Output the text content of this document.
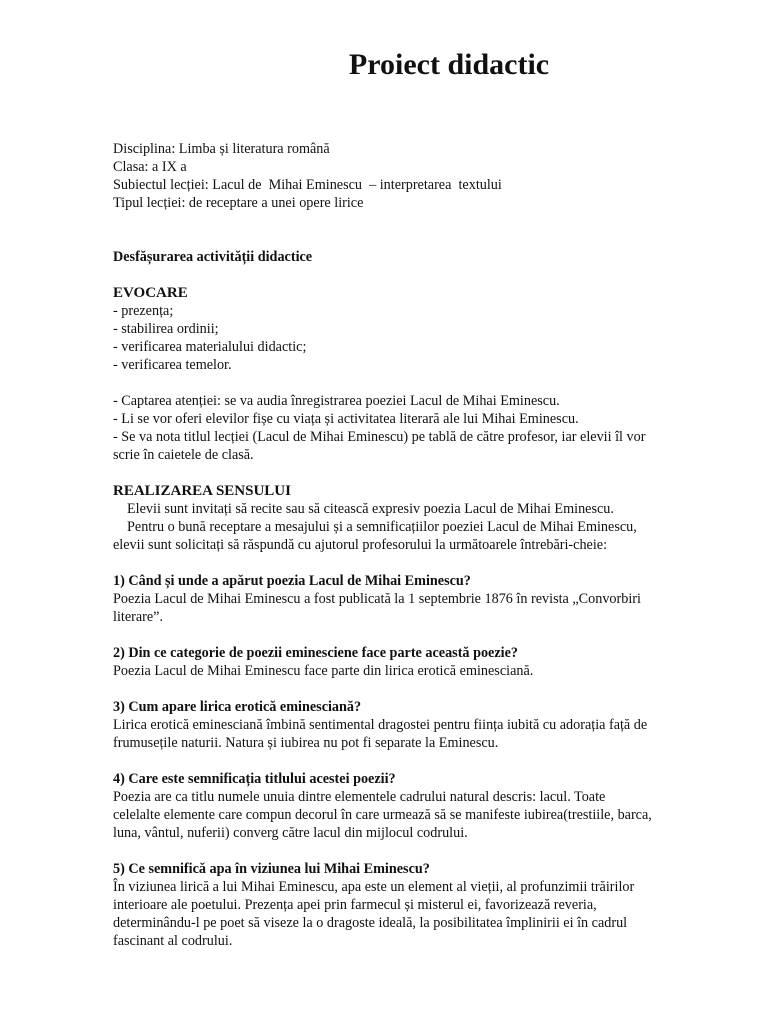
Proiect didactic
Disciplina: Limba și literatura română
Clasa: a IX a
Subiectul lecției: Lacul de  Mihai Eminescu  – interpretarea  textului
Tipul lecției: de receptare a unei opere lirice
Desfășurarea activității didactice
EVOCARE
- prezența;
- stabilirea ordinii;
- verificarea materialului didactic;
- verificarea temelor.
- Captarea atenției: se va audia înregistrarea poeziei Lacul de Mihai Eminescu.
- Li se vor oferi elevilor fișe cu viața și activitatea literară ale lui Mihai Eminescu.
- Se va nota titlul lecției (Lacul de Mihai Eminescu) pe tablă de către profesor, iar elevii îl vor scrie în caietele de clasă.
REALIZAREA SENSULUI
Elevii sunt invitați să recite sau să citească expresiv poezia Lacul de Mihai Eminescu.
Pentru o bună receptare a mesajului și a semnificațiilor poeziei Lacul de Mihai Eminescu, elevii sunt solicitați să răspundă cu ajutorul profesorului la următoarele întrebări-cheie:
1) Când și unde a apărut poezia Lacul de Mihai Eminescu?
Poezia Lacul de Mihai Eminescu a fost publicată la 1 septembrie 1876 în revista „Convorbiri literare”.
2) Din ce categorie de poezii eminesciene face parte această poezie?
Poezia Lacul de Mihai Eminescu face parte din lirica erotică eminesciană.
3) Cum apare lirica erotică eminesciană?
Lirica erotică eminesciană îmbină sentimental dragostei pentru ființa iubită cu adorația față de frumusețile naturii. Natura și iubirea nu pot fi separate la Eminescu.
4) Care este semnificația titlului acestei poezii?
Poezia are ca titlu numele unuia dintre elementele cadrului natural descris: lacul. Toate celelalte elemente care compun decorul în care urmează să se manifeste iubirea(trestiile, barca, luna, vântul, nuferii) converg către lacul din mijlocul codrului.
5) Ce semnifică apa în viziunea lui Mihai Eminescu?
În viziunea lirică a lui Mihai Eminescu, apa este un element al vieții, al profunzimii trăirilor interioare ale poetului. Prezența apei prin farmecul și misterul ei, favorizează reveria, determinându-l pe poet să viseze la o dragoste ideală, la posibilitatea împlinirii ei în cadrul fascinant al codrului.
